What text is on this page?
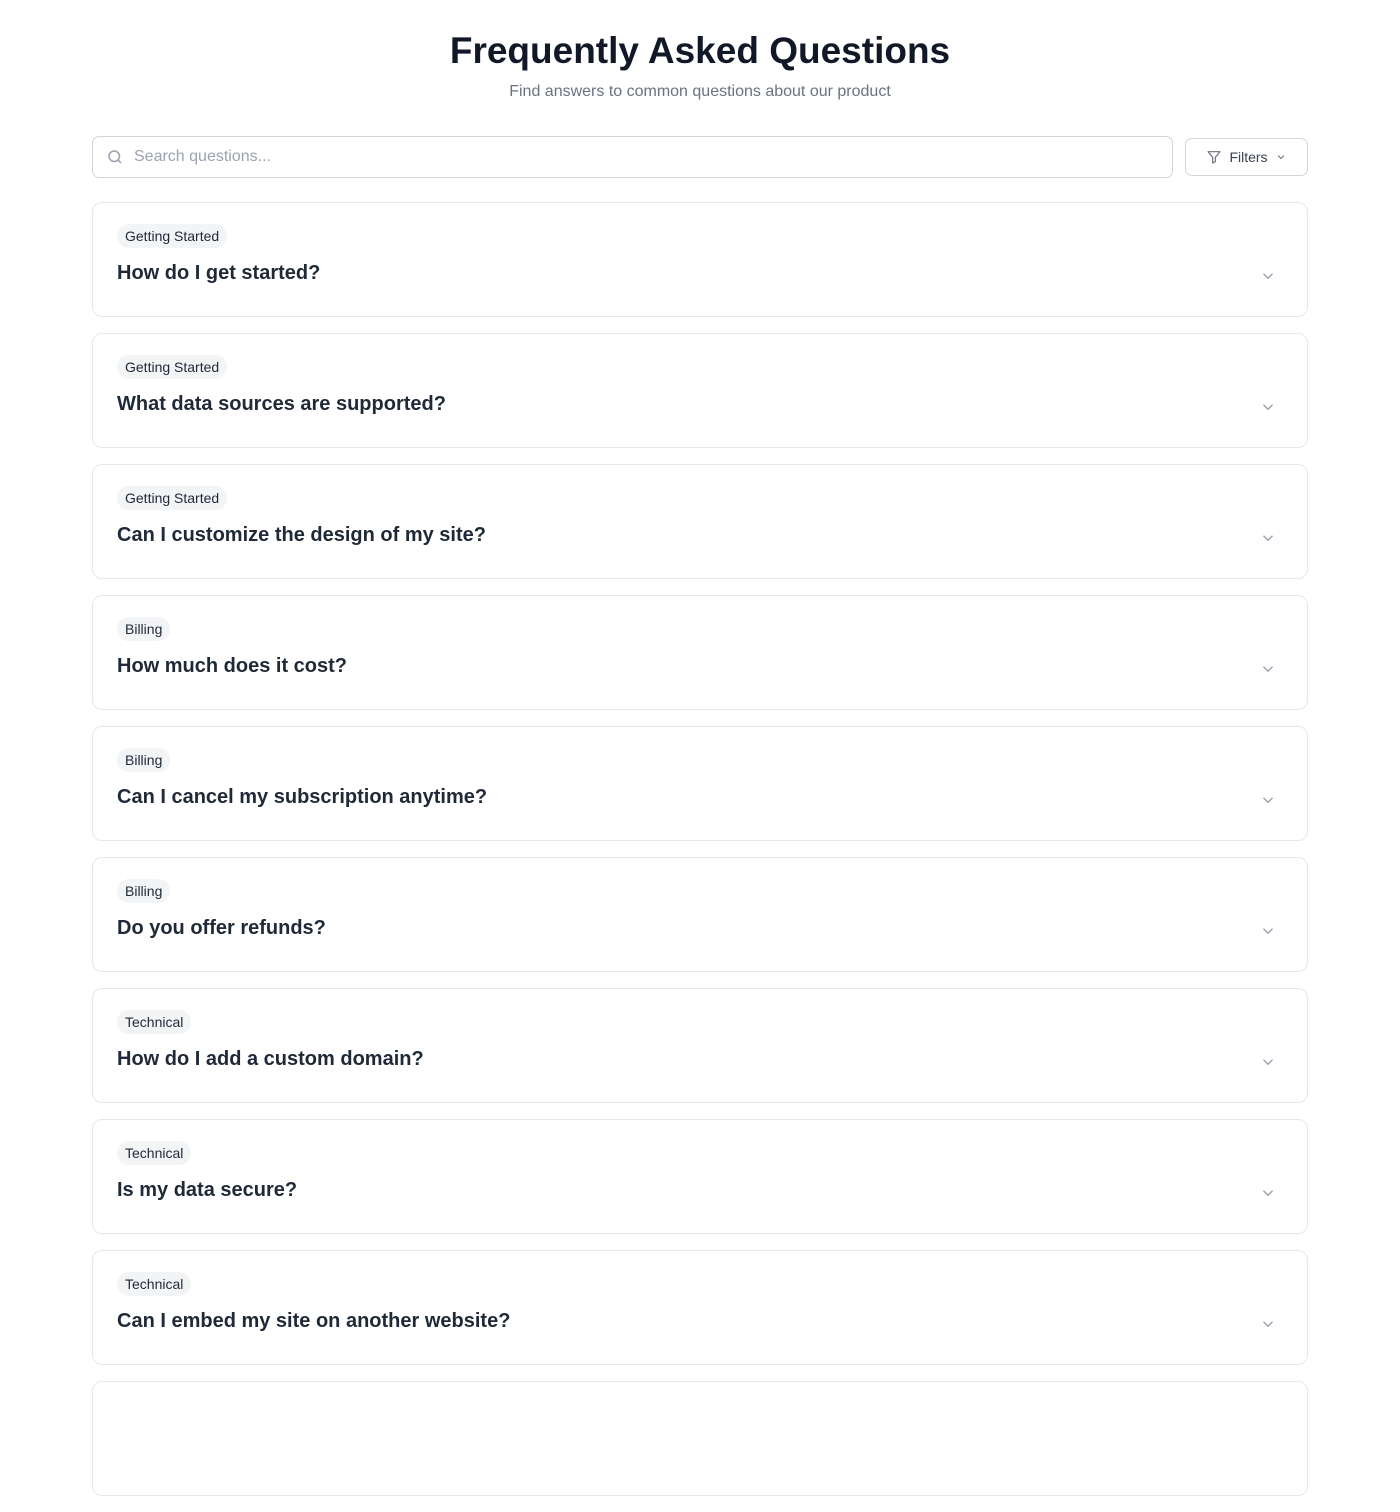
Frequently Asked Questions

Find answers to common questions about our product

Search questions...
Filters
Getting Started
How do I get started?
Getting Started
What data sources are supported?
Getting Started
Can I customize the design of my site?
Billing
How much does it cost?
Billing
Can I cancel my subscription anytime?
Billing
Do you offer refunds?
Technical
How do I add a custom domain?
Technical
Is my data secure?
Technical
Can I embed my site on another website?
